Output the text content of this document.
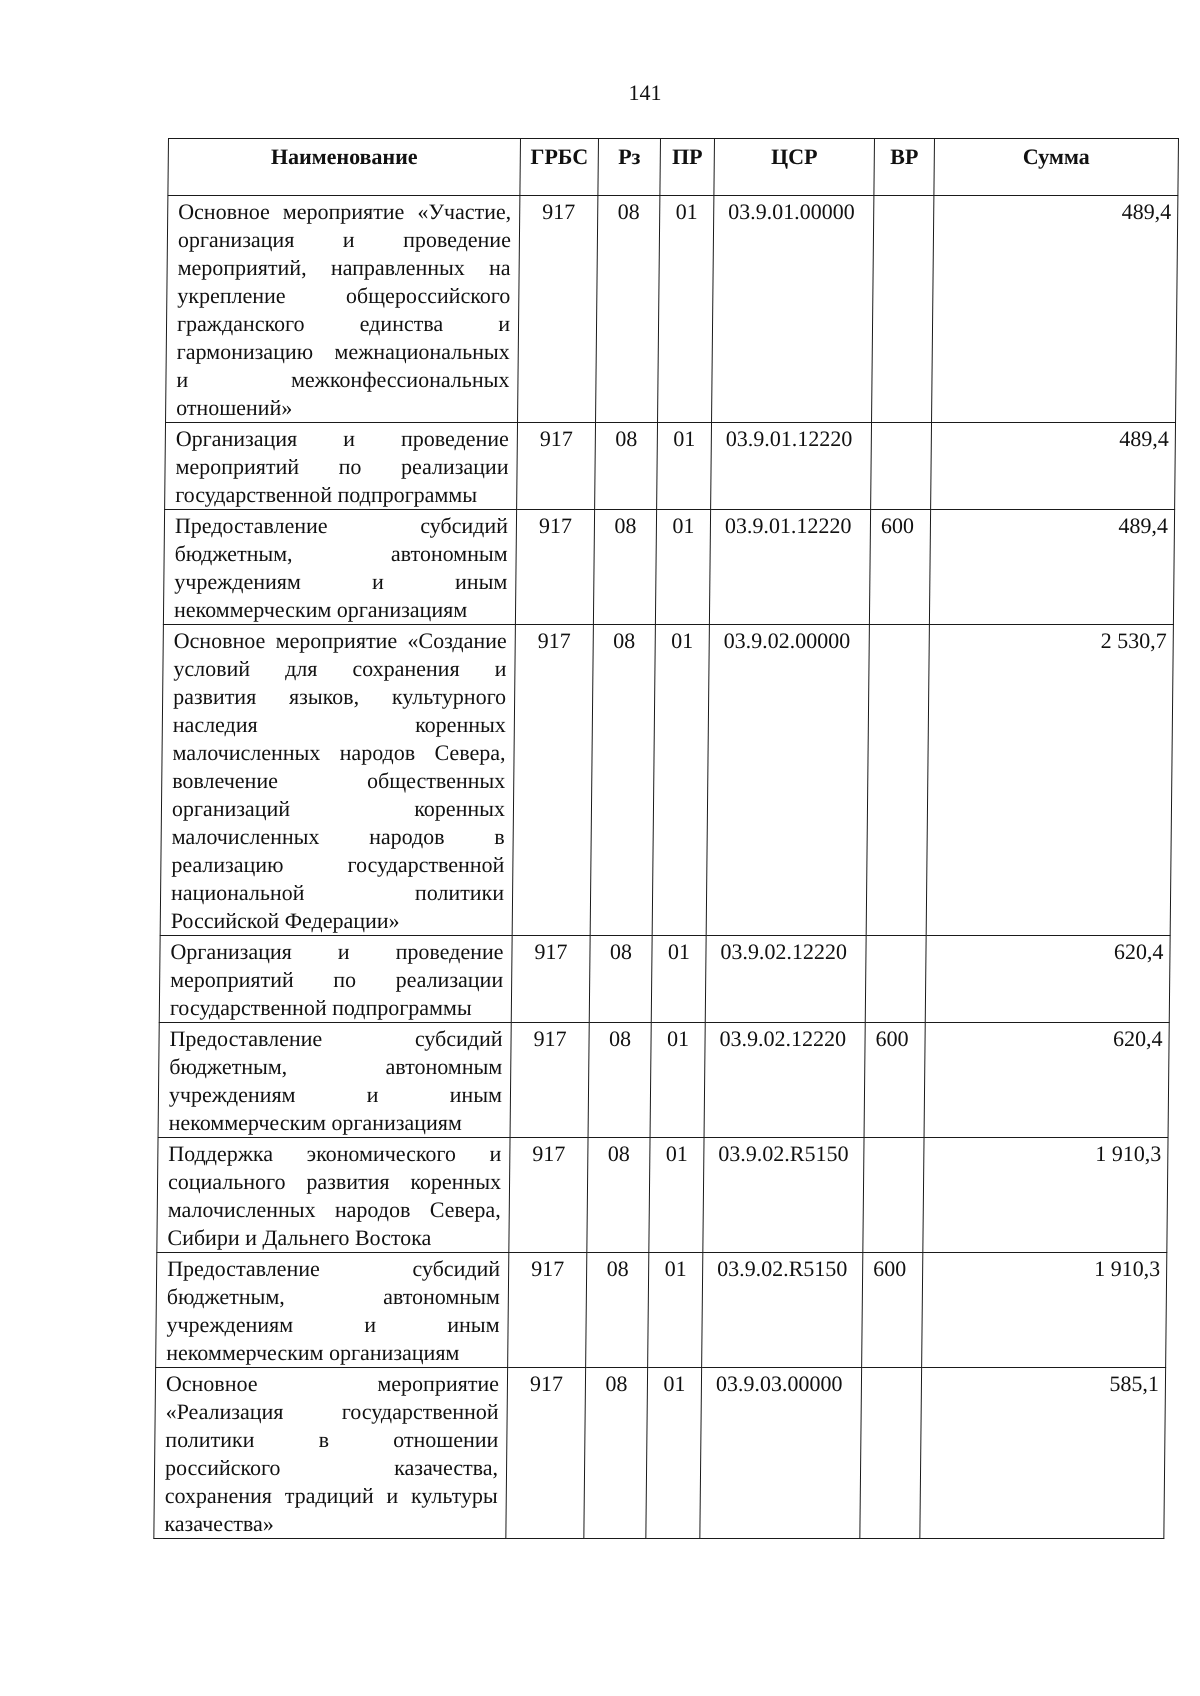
141
Наименование	ГРБС	Рз	ПР	ЦСР	ВР	Сумма
Основное мероприятие «Участие, организация и проведение мероприятий, направленных на укрепление общероссийского гражданского единства и гармонизацию межнациональных и межконфессиональных отношений»	917	08	01	03.9.01.00000		489,4
Организация и проведение мероприятий по реализации государственной подпрограммы	917	08	01	03.9.01.12220		489,4
Предоставление субсидий бюджетным, автономным учреждениям и иным некоммерческим организациям	917	08	01	03.9.01.12220	600	489,4
Основное мероприятие «Создание условий для сохранения и развития языков, культурного наследия коренных малочисленных народов Севера, вовлечение общественных организаций коренных малочисленных народов в реализацию государственной национальной политики Российской Федерации»	917	08	01	03.9.02.00000		2 530,7
Организация и проведение мероприятий по реализации государственной подпрограммы	917	08	01	03.9.02.12220		620,4
Предоставление субсидий бюджетным, автономным учреждениям и иным некоммерческим организациям	917	08	01	03.9.02.12220	600	620,4
Поддержка экономического и социального развития коренных малочисленных народов Севера, Сибири и Дальнего Востока	917	08	01	03.9.02.R5150		1 910,3
Предоставление субсидий бюджетным, автономным учреждениям и иным некоммерческим организациям	917	08	01	03.9.02.R5150	600	1 910,3
Основное мероприятие «Реализация государственной политики в отношении российского казачества, сохранения традиций и культуры казачества»	917	08	01	03.9.03.00000		585,1
